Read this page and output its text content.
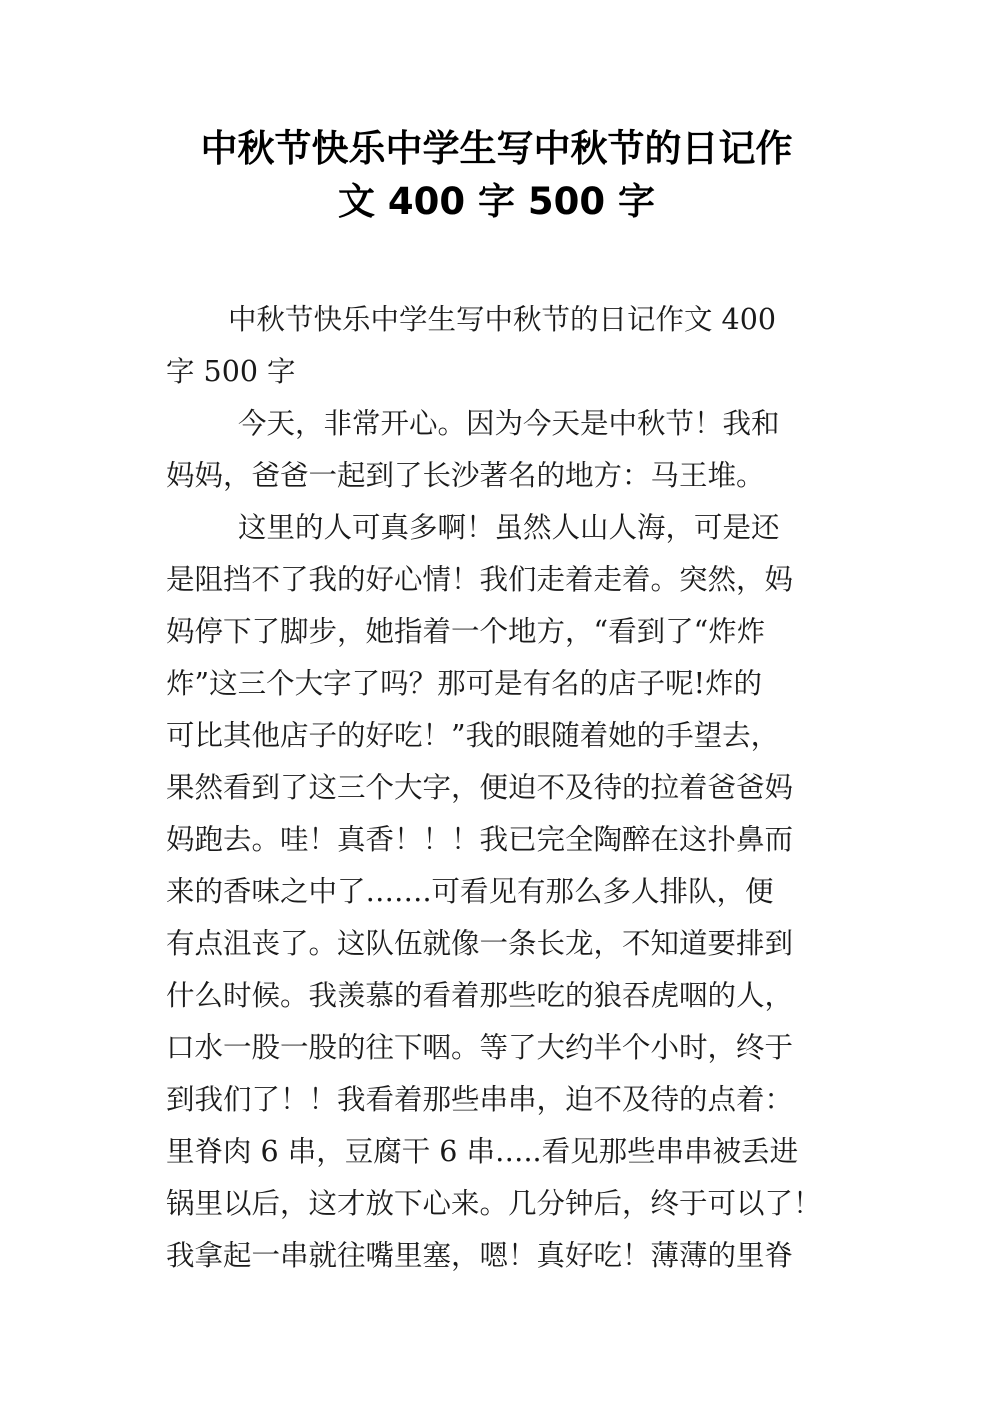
中秋节快乐中学生写中秋节的日记作
文 400 字 500 字
中秋节快乐中学生写中秋节的日记作文 400
字 500 字
今天，非常开心。因为今天是中秋节！我和
妈妈，爸爸一起到了长沙著名的地方：马王堆。
这里的人可真多啊！虽然人山人海，可是还
是阻挡不了我的好心情！我们走着走着。突然，妈
妈停下了脚步，她指着一个地方，“看到了“炸炸
炸”这三个大字了吗？那可是有名的店子呢!炸的
可比其他店子的好吃！”我的眼随着她的手望去，
果然看到了这三个大字，便迫不及待的拉着爸爸妈
妈跑去。哇！真香！！！我已完全陶醉在这扑鼻而
来的香味之中了…….可看见有那么多人排队，便
有点沮丧了。这队伍就像一条长龙，不知道要排到
什么时候。我羡慕的看着那些吃的狼吞虎咽的人，
口水一股一股的往下咽。等了大约半个小时，终于
到我们了！！我看着那些串串，迫不及待的点着：
里脊肉 6 串，豆腐干 6 串…..看见那些串串被丢进
锅里以后，这才放下心来。几分钟后，终于可以了！
我拿起一串就往嘴里塞，嗯！真好吃！薄薄的里脊
